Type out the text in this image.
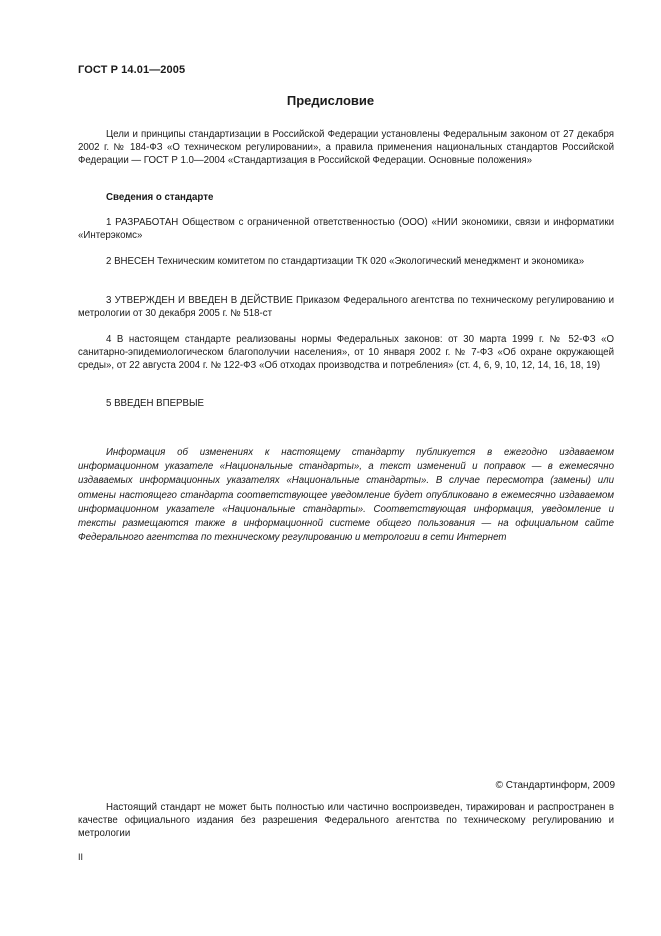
ГОСТ Р 14.01—2005
Предисловие

Цели и принципы стандартизации в Российской Федерации установлены Федеральным законом от 27 декабря 2002 г. № 184-ФЗ «О техническом регулировании», а правила применения национальных стандартов Российской Федерации — ГОСТ Р 1.0—2004 «Стандартизация в Российской Федерации. Основные положения»

Сведения о стандарте

1 РАЗРАБОТАН Обществом с ограниченной ответственностью (ООО) «НИИ экономики, связи и информатики «Интерэкомс»

2 ВНЕСЕН Техническим комитетом по стандартизации ТК 020 «Экологический менеджмент и экономика»

3 УТВЕРЖДЕН И ВВЕДЕН В ДЕЙСТВИЕ Приказом Федерального агентства по техническому регулированию и метрологии от 30 декабря 2005 г. № 518-ст

4 В настоящем стандарте реализованы нормы Федеральных законов: от 30 марта 1999 г. № 52-ФЗ «О санитарно-эпидемиологическом благополучии населения», от 10 января 2002 г. № 7-ФЗ «Об охране окружающей среды», от 22 августа 2004 г. № 122-ФЗ «Об отходах производства и потребления» (ст. 4, 6, 9, 10, 12, 14, 16, 18, 19)

5 ВВЕДЕН ВПЕРВЫЕ

Информация об изменениях к настоящему стандарту публикуется в ежегодно издаваемом информационном указателе «Национальные стандарты», а текст изменений и поправок — в ежемесячно издаваемых информационных указателях «Национальные стандарты». В случае пересмотра (замены) или отмены настоящего стандарта соответствующее уведомление будет опубликовано в ежемесячно издаваемом информационном указателе «Национальные стандарты». Соответствующая информация, уведомление и тексты размещаются также в информационной системе общего пользования — на официальном сайте Федерального агентства по техническому регулированию и метрологии в сети Интернет

© Стандартинформ, 2009

Настоящий стандарт не может быть полностью или частично воспроизведен, тиражирован и распространен в качестве официального издания без разрешения Федерального агентства по техническому регулированию и метрологии

II
